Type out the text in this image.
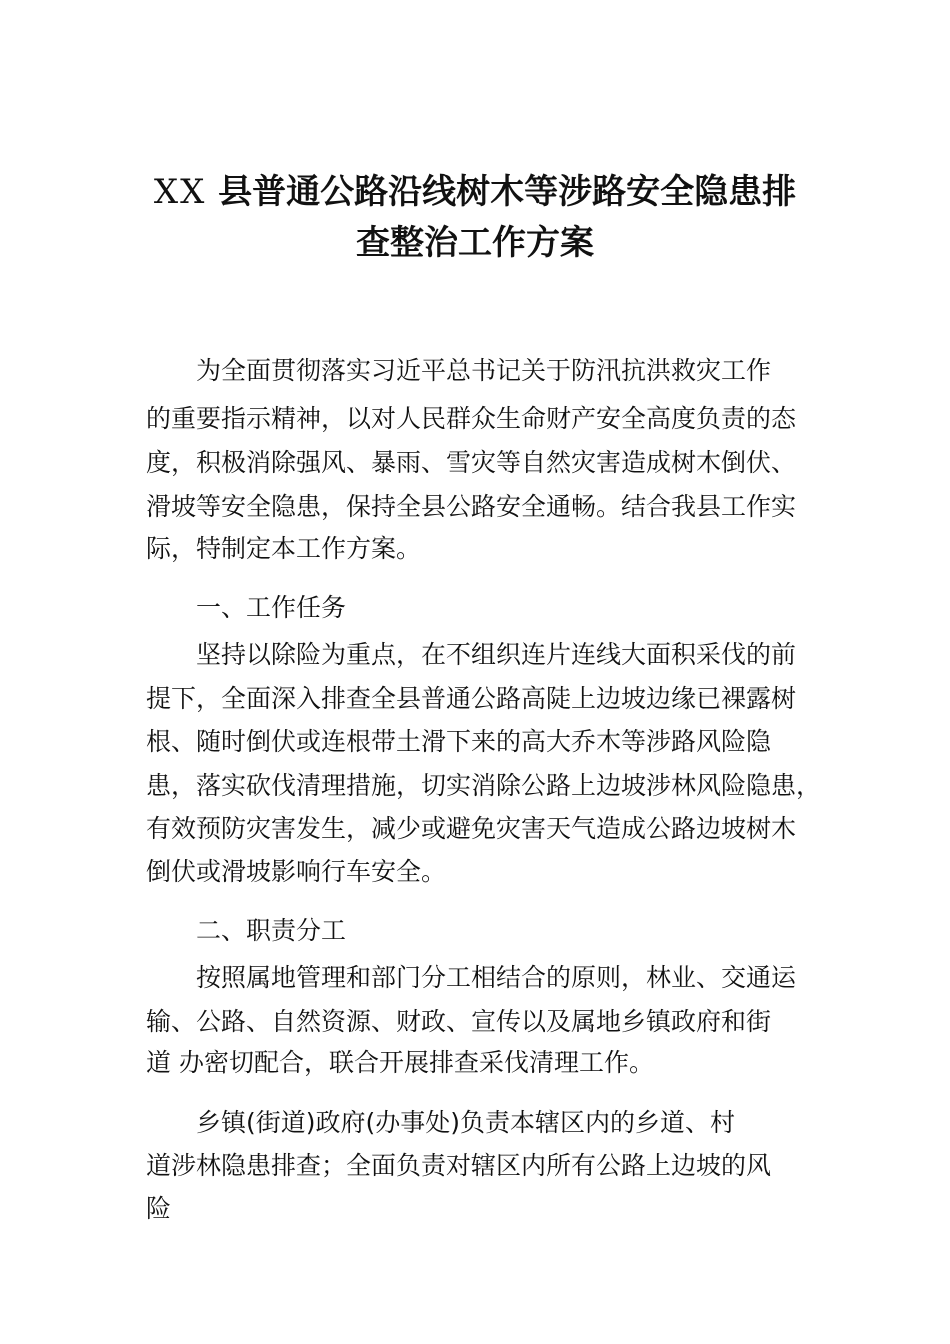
XX 县普通公路沿线树木等涉路安全隐患排
查整治工作方案
为全面贯彻落实习近平总书记关于防汛抗洪救灾工作
的重要指示精神，以对人民群众生命财产安全高度负责的态
度，积极消除强风、暴雨、雪灾等自然灾害造成树木倒伏、
滑坡等安全隐患，保持全县公路安全通畅。结合我县工作实
际，特制定本工作方案。
一、工作任务
坚持以除险为重点，在不组织连片连线大面积采伐的前
提下，全面深入排查全县普通公路高陡上边坡边缘已裸露树
根、随时倒伏或连根带土滑下来的高大乔木等涉路风险隐
患，落实砍伐清理措施，切实消除公路上边坡涉林风险隐患，
有效预防灾害发生，减少或避免灾害天气造成公路边坡树木
倒伏或滑坡影响行车安全。
二、职责分工
按照属地管理和部门分工相结合的原则，林业、交通运
输、公路、自然资源、财政、宣传以及属地乡镇政府和街
道 办密切配合，联合开展排查采伐清理工作。
乡镇(街道)政府(办事处)负责本辖区内的乡道、村
道涉林隐患排查；全面负责对辖区内所有公路上边坡的风
险
